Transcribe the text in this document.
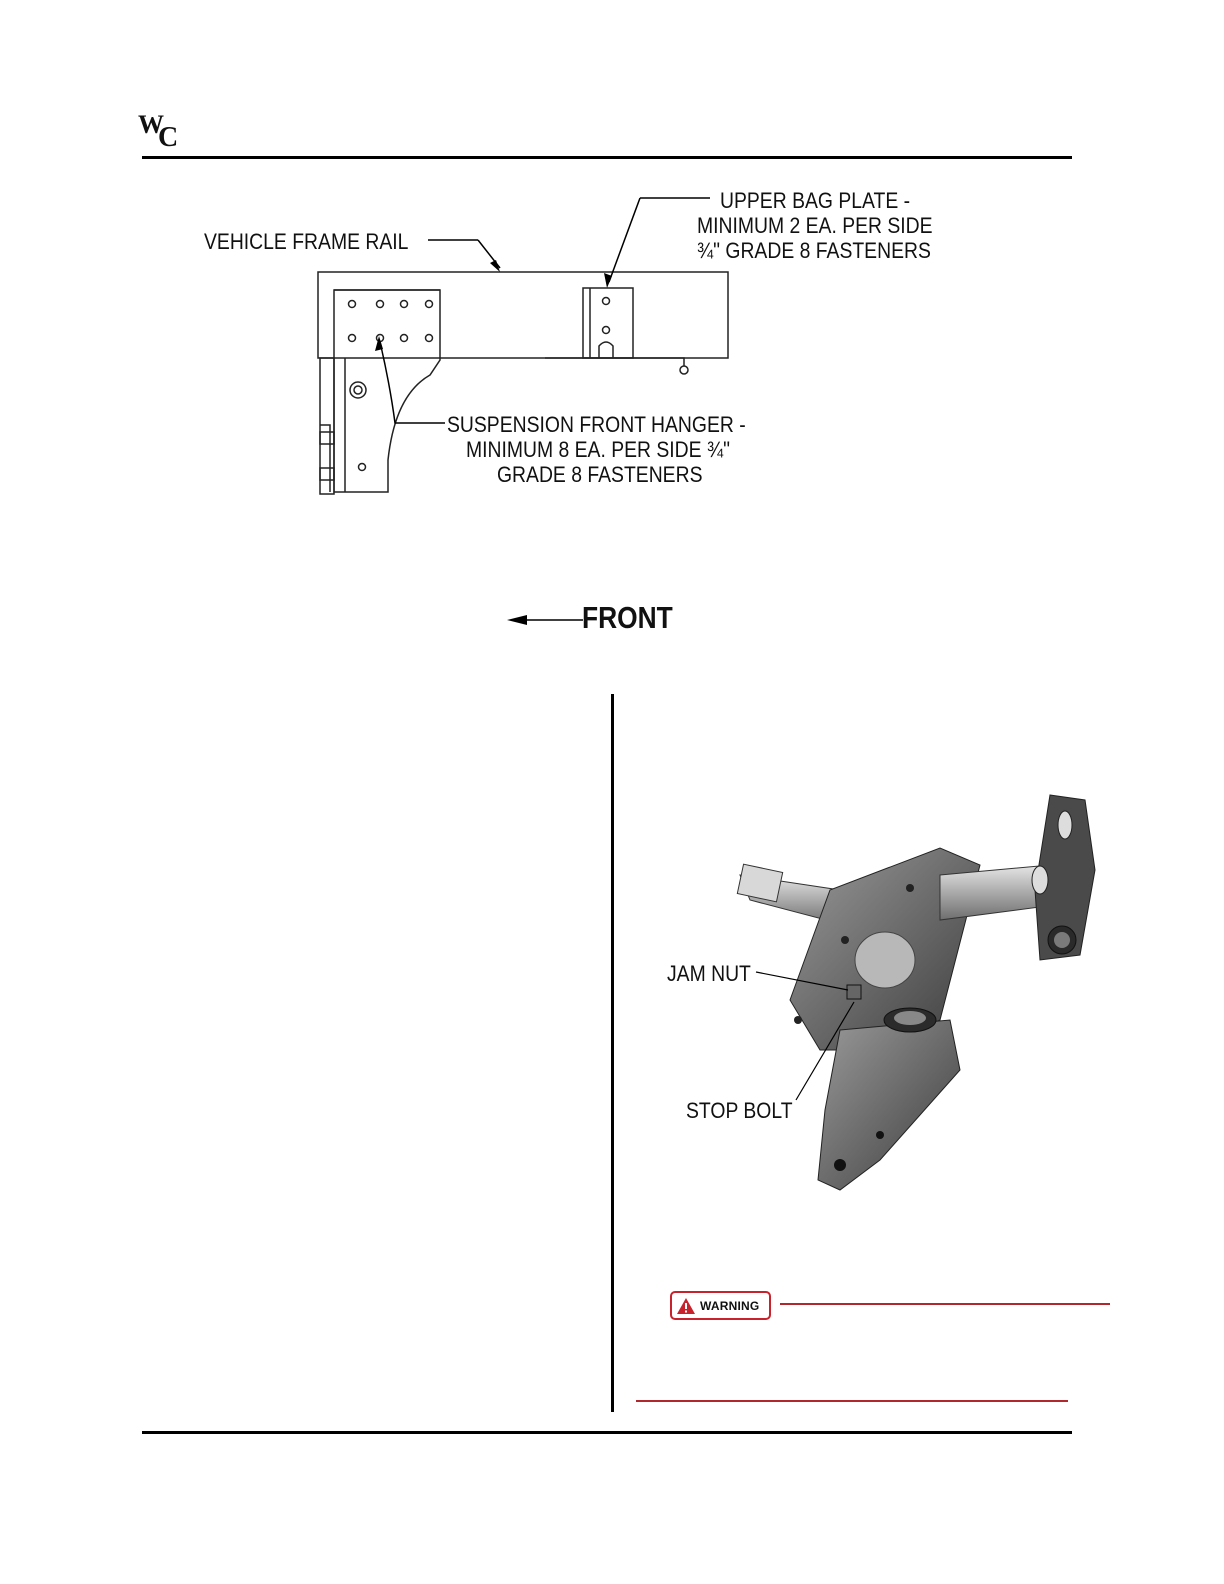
W
C
VEHICLE FRAME RAIL
UPPER BAG PLATE -
MINIMUM 2 EA. PER SIDE
¾" GRADE 8 FASTENERS
SUSPENSION FRONT HANGER -
MINIMUM 8 EA. PER SIDE ¾"
GRADE 8 FASTENERS
FRONT
JAM NUT
STOP BOLT
WARNING
